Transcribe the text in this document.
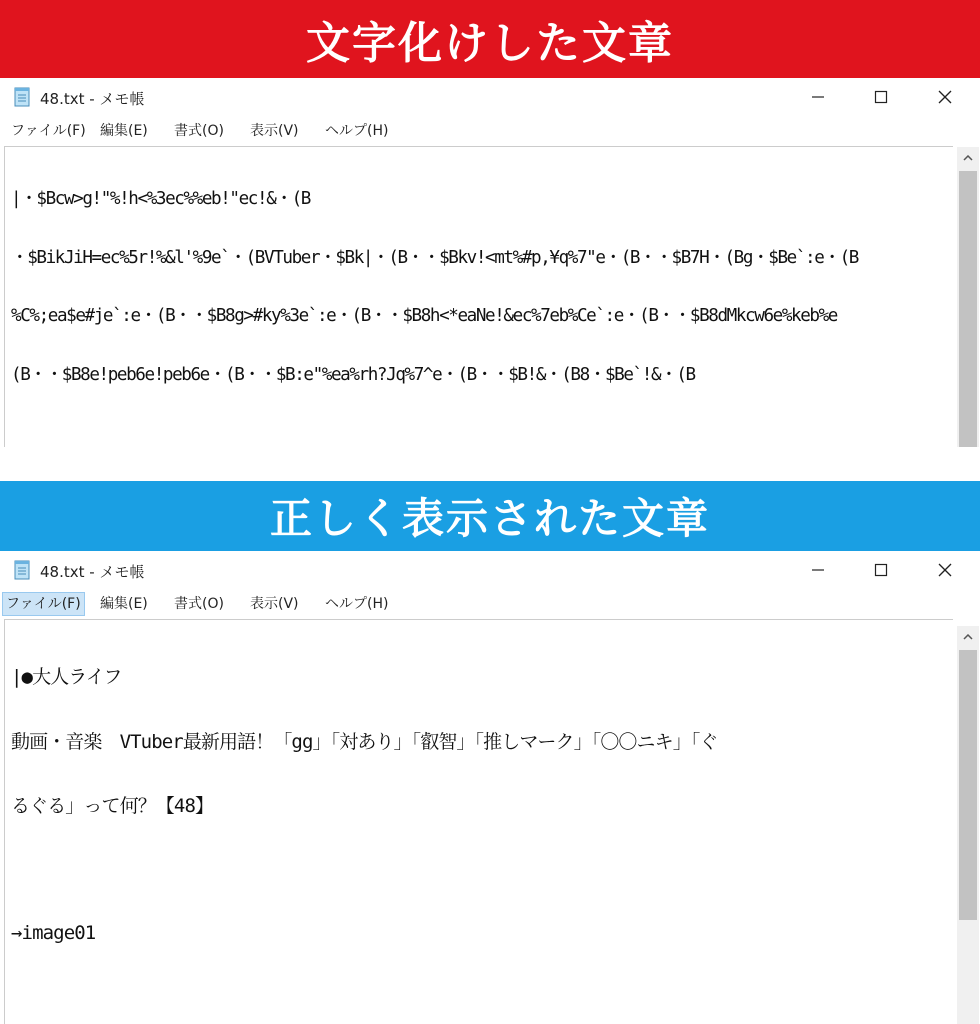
文字化けした文章
48.txt - メモ帳
ファイル(F) 編集(E) 書式(O) 表示(V) ヘルプ(H)

|・$Bcw>g!"%!h<%3ec%%eb!"ec!&・(B

・$BikJiH=ec%5r!%&l'%9e`・(BVTuber・$Bk|・(B・・$Bkv!<mt%#p,¥q%7"e・(B・・$B7H・(Bg・$Be`:e・(B

%C%;ea$e#je`:e・(B・・$B8g>#ky%3e`:e・(B・・$B8h<*eaNe!&ec%7eb%Ce`:e・(B・・$B8dMkcw6e%keb%e

(B・・$B8e!peb6e!peb6e・(B・・$B:e"%ea%rh?Jq%7^e・(B・・$B!&・(B8・$Be`!&・(B

正しく表示された文章
48.txt - メモ帳
ファイル(F) 編集(E) 書式(O) 表示(V) ヘルプ(H)

|●大人ライフ

動画・音楽　VTuber最新用語！「gg」「対あり」「叡智」「推しマーク」「〇〇ニキ」「ぐ

るぐる」って何？【48】

→image01
